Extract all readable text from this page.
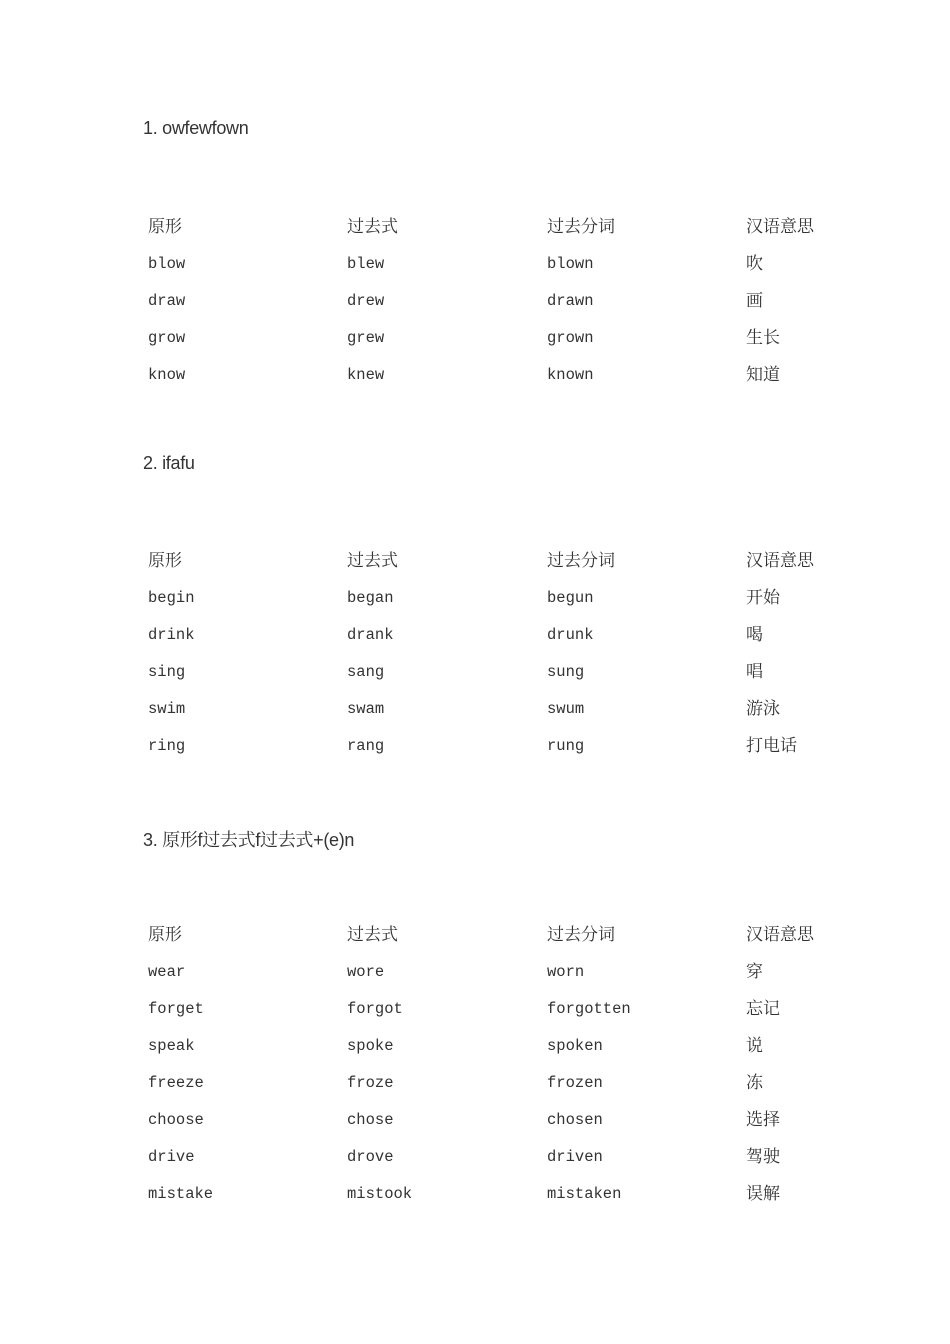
1. owfewfown
原形	过去式	过去分词	汉语意思
blow	blew	blown	吹
draw	drew	drawn	画
grow	grew	grown	生长
know	knew	known	知道
2. ifafu
原形	过去式	过去分词	汉语意思
begin	began	begun	开始
drink	drank	drunk	喝
sing	sang	sung	唱
swim	swam	swum	游泳
ring	rang	rung	打电话
3. 原形f过去式f过去式+(e)n
原形	过去式	过去分词	汉语意思
wear	wore	worn	穿
forget	forgot	forgotten	忘记
speak	spoke	spoken	说
freeze	froze	frozen	冻
choose	chose	chosen	选择
drive	drove	driven	驾驶
mistake	mistook	mistaken	误解
